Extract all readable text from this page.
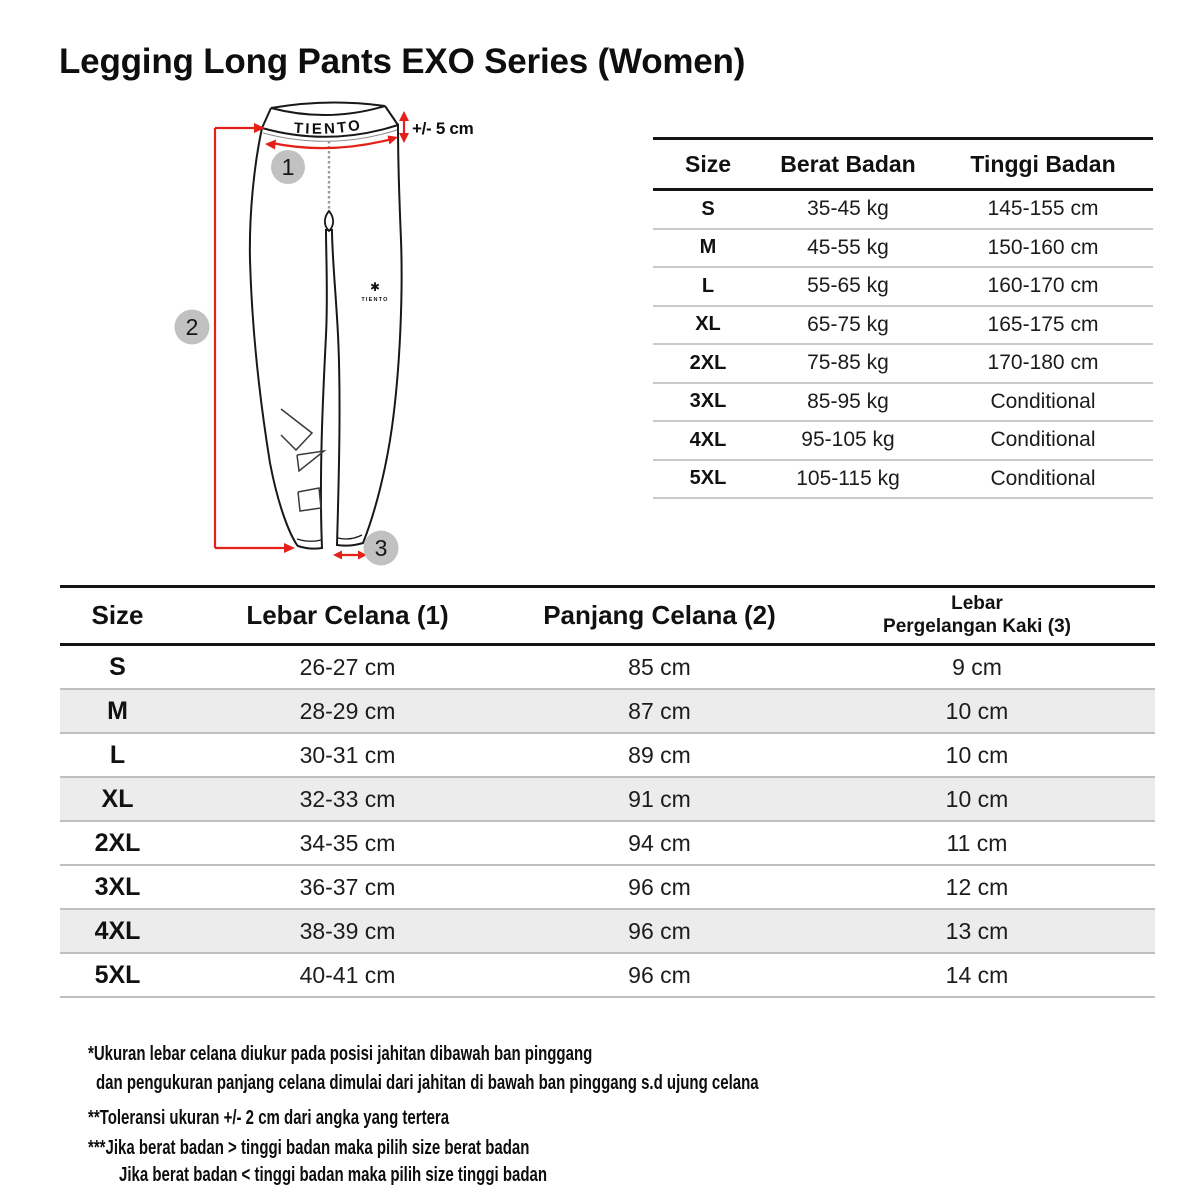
Legging Long Pants EXO Series (Women)
TIENTO
✱
TIENTO
+/- 5 cm
1
2
3
Size	Berat Badan	Tinggi Badan
S	35-45 kg	145-155 cm
M	45-55 kg	150-160 cm
L	55-65 kg	160-170 cm
XL	65-75 kg	165-175 cm
2XL	75-85 kg	170-180 cm
3XL	85-95 kg	Conditional
4XL	95-105 kg	Conditional
5XL	105-115 kg	Conditional
Size	Lebar Celana (1)	Panjang Celana (2)	Lebar
Pergelangan Kaki (3)
S	26-27 cm	85 cm	9 cm
M	28-29 cm	87 cm	10 cm
L	30-31 cm	89 cm	10 cm
XL	32-33 cm	91 cm	10 cm
2XL	34-35 cm	94 cm	11 cm
3XL	36-37 cm	96 cm	12 cm
4XL	38-39 cm	96 cm	13 cm
5XL	40-41 cm	96 cm	14 cm
*Ukuran lebar celana diukur pada posisi jahitan dibawah ban pinggang
dan pengukuran panjang celana dimulai dari jahitan di bawah ban pinggang s.d ujung celana
**Toleransi ukuran +/- 2 cm dari angka yang tertera
***Jika berat badan > tinggi badan maka pilih size berat badan
Jika berat badan < tinggi badan maka pilih size tinggi badan
